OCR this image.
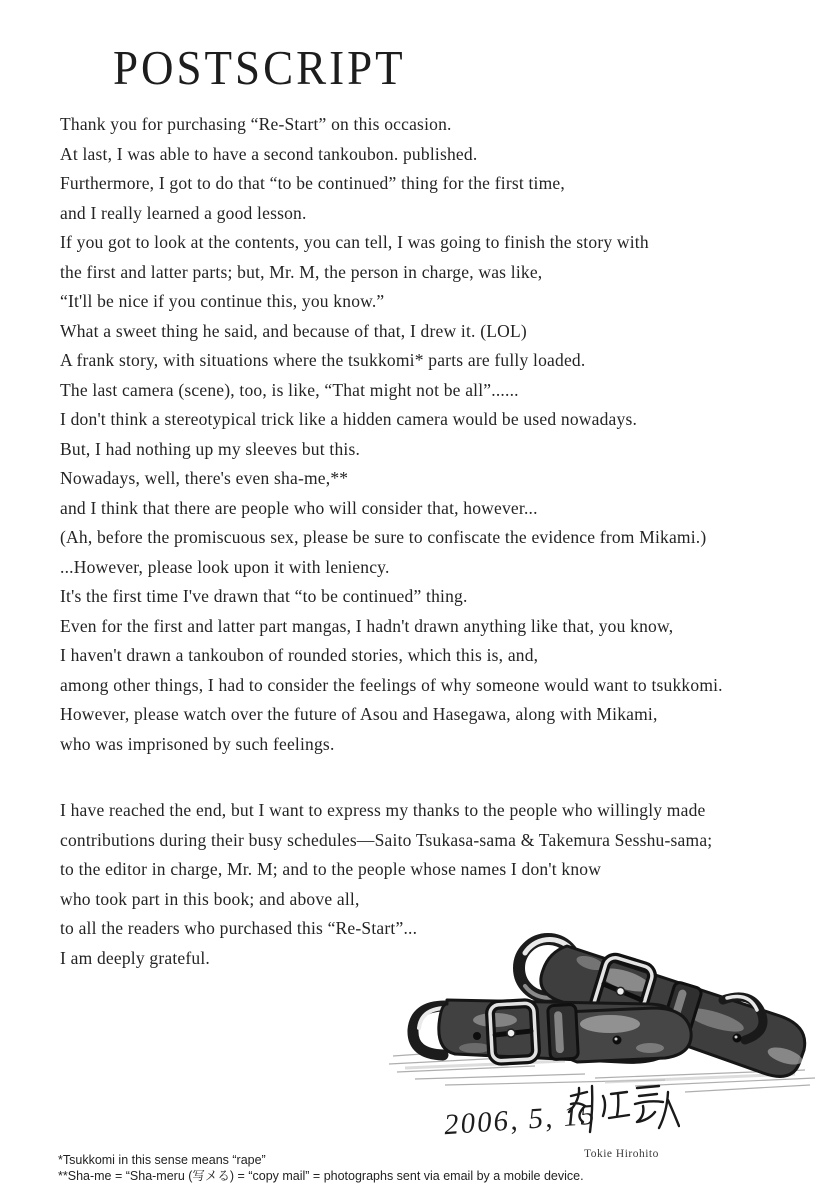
POSTSCRIPT
Thank you for purchasing “Re-Start” on this occasion.
At last, I was able to have a second tankoubon. published.
Furthermore, I got to do that “to be continued” thing for the first time,
and I really learned a good lesson.
If you got to look at the contents, you can tell, I was going to finish the story with
the first and latter parts; but, Mr. M, the person in charge, was like,
“It'll be nice if you continue this, you know.”
What a sweet thing he said, and because of that, I drew it. (LOL)
A frank story, with situations where the tsukkomi* parts are fully loaded.
The last camera (scene), too, is like, “That might not be all”......
I don't think a stereotypical trick like a hidden camera would be used nowadays.
But, I had nothing up my sleeves but this.
Nowadays, well, there's even sha-me,**
and I think that there are people who will consider that, however...
(Ah, before the promiscuous sex, please be sure to confiscate the evidence from Mikami.)
...However, please look upon it with leniency.
It's the first time I've drawn that “to be continued” thing.
Even for the first and latter part mangas, I hadn't drawn anything like that, you know,
I haven't drawn a tankoubon of rounded stories, which this is, and,
among other things, I had to consider the feelings of why someone would want to tsukkomi.
However, please watch over the future of Asou and Hasegawa, along with Mikami,
who was imprisoned by such feelings.
I have reached the end, but I want to express my thanks to the people who willingly made
contributions during their busy schedules—Saito Tsukasa-sama & Takemura Sesshu-sama;
to the editor in charge, Mr. M; and to the people whose names I don't know
who took part in this book; and above all,
to all the readers who purchased this “Re-Start”...
I am deeply grateful.
2006, 5, 15
Tokie Hirohito
*Tsukkomi in this sense means “rape”
**Sha-me = “Sha-meru (写メる) = “copy mail” = photographs sent via email by a mobile device.
